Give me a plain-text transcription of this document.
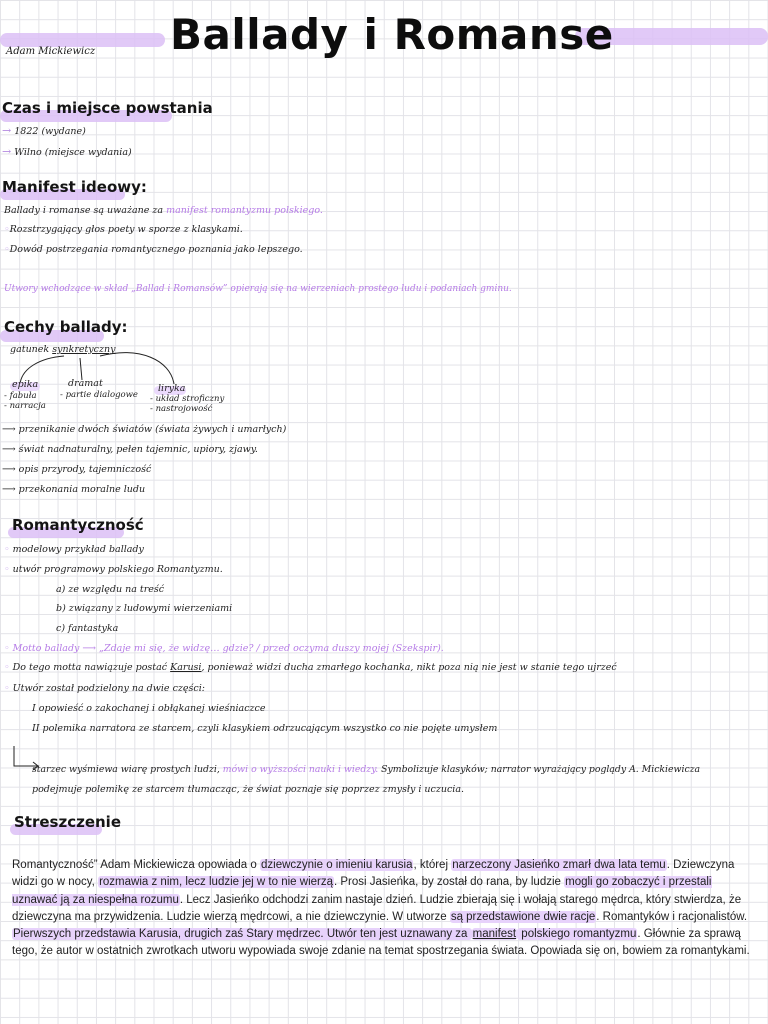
Ballady i Romanse
Adam Mickiewicz
Czas i miejsce powstania
→ 1822 (wydane)
→ Wilno (miejsce wydania)
Manifest ideowy:
Ballady i romanse są uważane za manifest romantyzmu polskiego.
◦Rozstrzygający głos poety w sporze z klasykami.
◦Dowód postrzegania romantycznego poznania jako lepszego.
Utwory wchodzące w skład „Ballad i Romansów” opierają się na wierzeniach prostego ludu i podaniach gminu.
Cechy ballady:
gatunek synkretyczny
epika
- fabuła
- narracja
dramat
- partie dialogowe
liryka
- układ stroficzny
- nastrojowość
⟶ przenikanie dwóch światów (świata żywych i umarłych)
⟶ świat nadnaturalny, pełen tajemnic, upiory, zjawy.
⟶ opis przyrody, tajemniczość
⟶ przekonania moralne ludu
Romantyczność
◦ modelowy przykład ballady
◦ utwór programowy polskiego Romantyzmu.
a) ze względu na treść
b) związany z ludowymi wierzeniami
c) fantastyka
◦ Motto ballady ⟶ „Zdaje mi się, że widzę… gdzie? / przed oczyma duszy mojej (Szekspir).
◦ Do tego motta nawiązuje postać Karusi, ponieważ widzi ducha zmarłego kochanka, nikt poza nią nie jest w stanie tego ujrzeć
◦ Utwór został podzielony na dwie części:
I opowieść o zakochanej i obłąkanej wieśniaczce
II polemika narratora ze starcem, czyli klasykiem odrzucającym wszystko co nie pojęte umysłem
starzec wyśmiewa wiarę prostych ludzi, mówi o wyższości nauki i wiedzy. Symbolizuje klasyków; narrator wyrażający poglądy A. Mickiewicza
podejmuje polemikę ze starcem tłumacząc, że świat poznaje się poprzez zmysły i uczucia.
Streszczenie
Romantyczność” Adam Mickiewicza opowiada o dziewczynie o imieniu karusia, której narzeczony Jasieńko zmarł dwa lata temu. Dziewczyna widzi go w nocy, rozmawia z nim, lecz ludzie jej w to nie wierzą. Prosi Jasieńka, by został do rana, by ludzie mogli go zobaczyć i przestali uznawać ją za niespełna rozumu. Lecz Jasieńko odchodzi zanim nastaje dzień. Ludzie zbierają się i wołają starego mędrca, który stwierdza, że dziewczyna ma przywidzenia. Ludzie wierzą mędrcowi, a nie dziewczynie. W utworze są przedstawione dwie racje. Romantyków i racjonalistów. Pierwszych przedstawia Karusia, drugich zaś Stary mędrzec. Utwór ten jest uznawany za manifest polskiego romantyzmu. Głównie za sprawą tego, że autor w ostatnich zwrotkach utworu wypowiada swoje zdanie na temat spostrzegania świata. Opowiada się on, bowiem za romantykami.
